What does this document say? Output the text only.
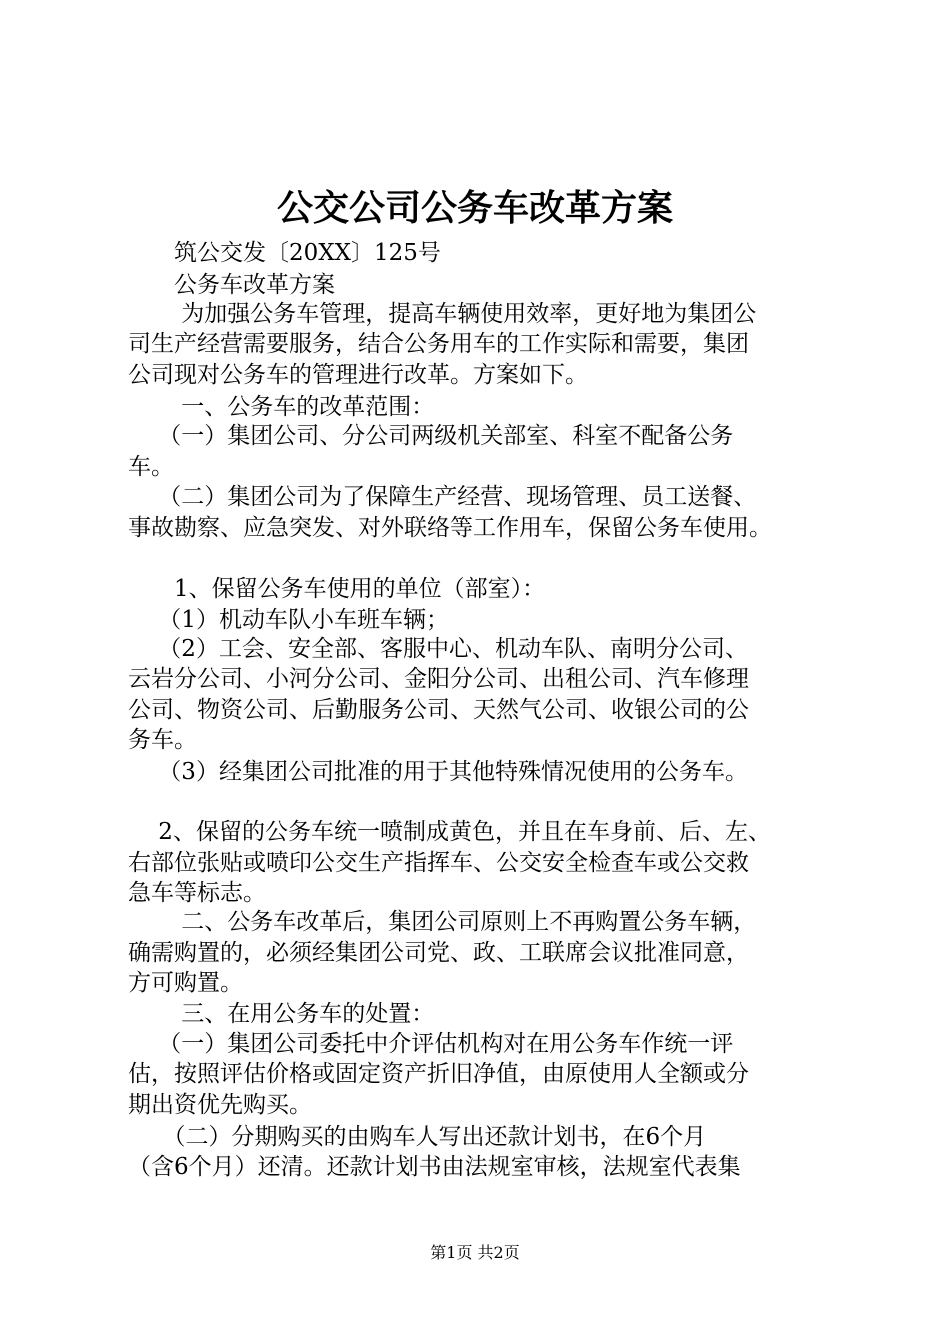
公交公司公务车改革方案

　　筑公交发〔20XX〕125号

　　公务车改革方案

　　 为加强公务车管理，提高车辆使用效率，更好地为集团公

司生产经营需要服务，结合公务用车的工作实际和需要，集团

公司现对公务车的管理进行改革。方案如下。

　　 一、公务车的改革范围：

　 （一）集团公司、分公司两级机关部室、科室不配备公务

车。

　 （二）集团公司为了保障生产经营、现场管理、员工送餐、

事故勘察、应急突发、对外联络等工作用车，保留公务车使用。

　　1、保留公务车使用的单位（部室）：

　 （1）机动车队小车班车辆；

　 （2）工会、安全部、客服中心、机动车队、南明分公司、

云岩分公司、小河分公司、金阳分公司、出租公司、汽车修理

公司、物资公司、后勤服务公司、天然气公司、收银公司的公

务车。

　 （3）经集团公司批准的用于其他特殊情况使用的公务车。

　 2、保留的公务车统一喷制成黄色，并且在车身前、后、左、

右部位张贴或喷印公交生产指挥车、公交安全检查车或公交救

急车等标志。

　　 二、公务车改革后，集团公司原则上不再购置公务车辆，

确需购置的，必须经集团公司党、政、工联席会议批准同意，

方可购置。

　　 三、在用公务车的处置：

　 （一）集团公司委托中介评估机构对在用公务车作统一评

估，按照评估价格或固定资产折旧净值，由原使用人全额或分

期出资优先购买。

　　（二）分期购买的由购车人写出还款计划书，在6个月

（含6个月）还清。还款计划书由法规室审核，法规室代表集

第1页 共2页
